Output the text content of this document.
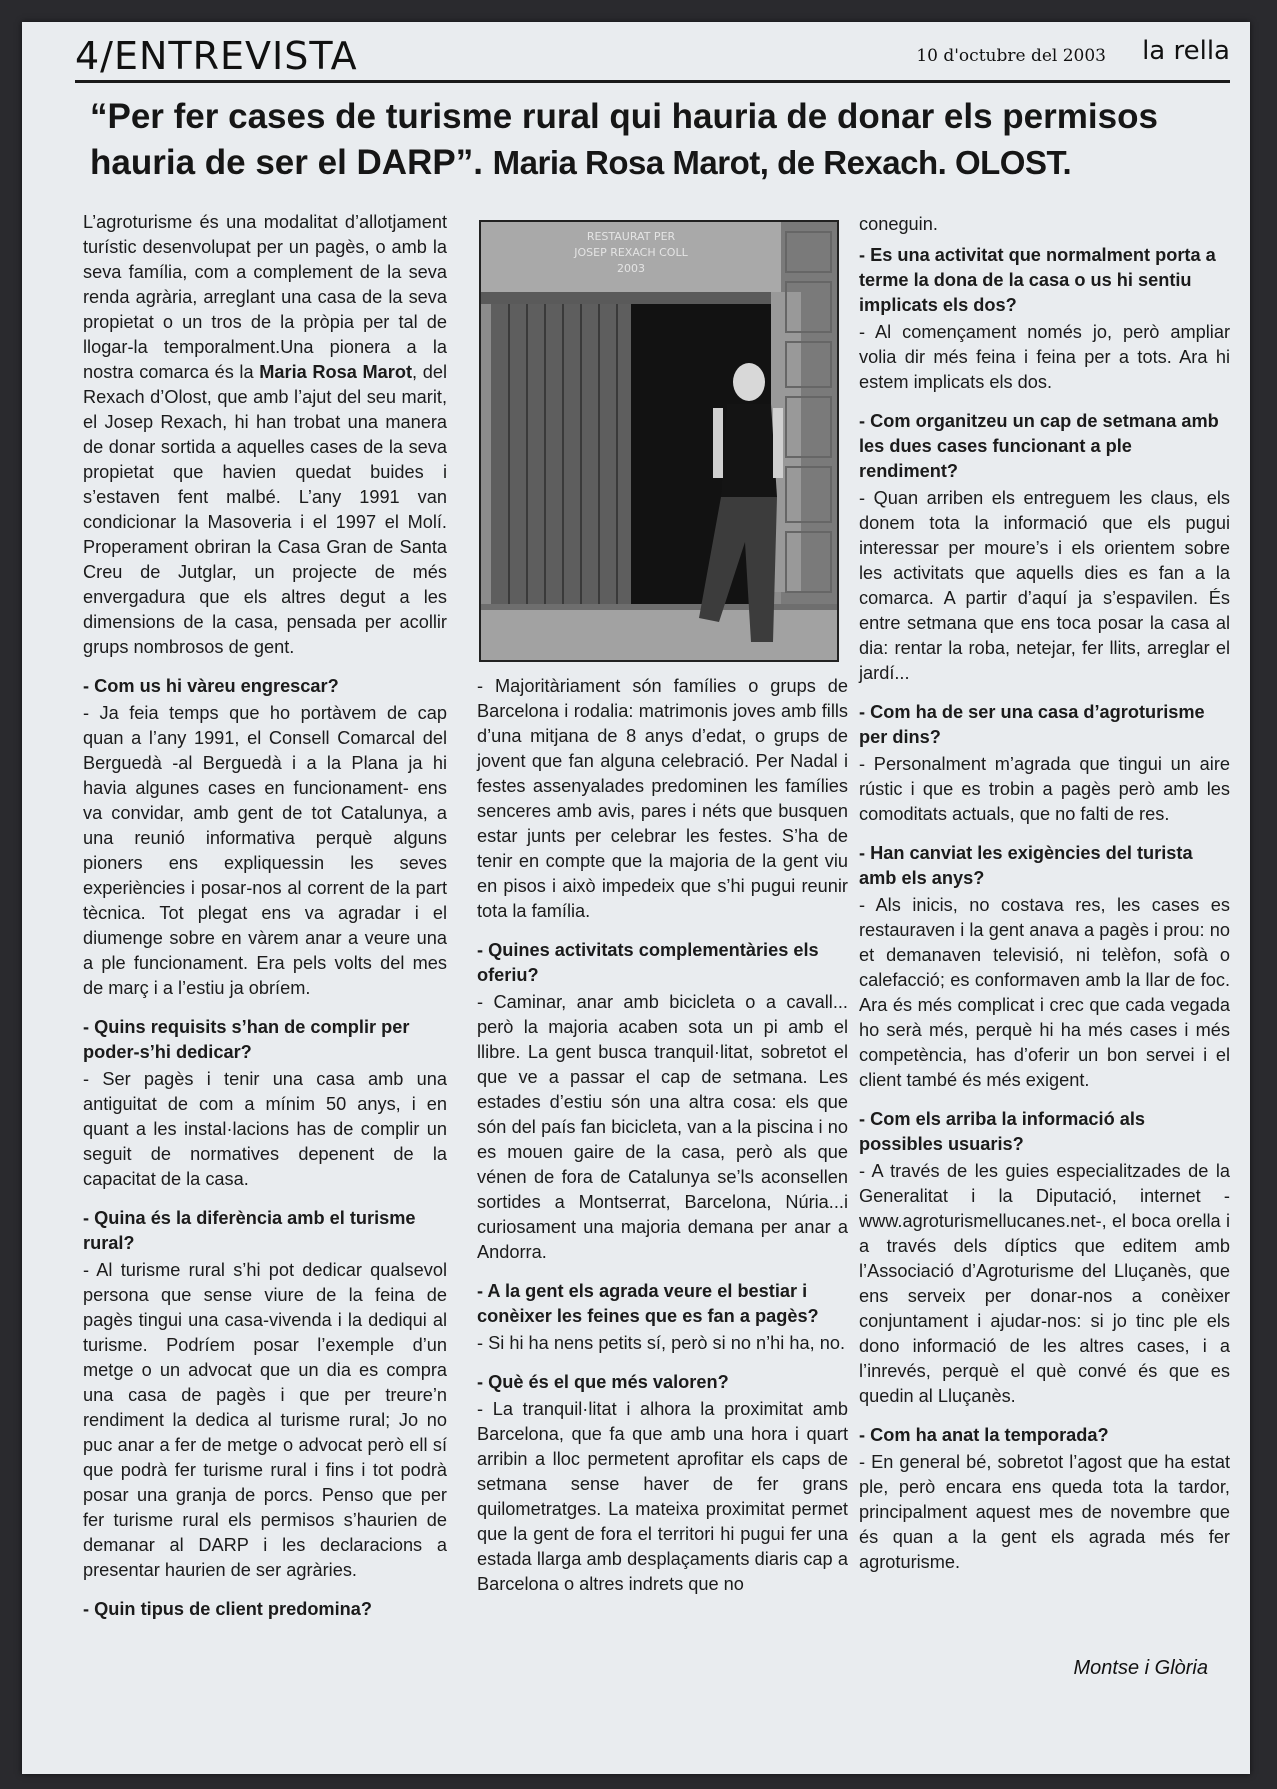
4/ENTREVISTA	10 d'octubre del 2003 la rella
“Per fer cases de turisme rural qui hauria de donar els permisos hauria de ser el DARP”. Maria Rosa Marot, de Rexach. OLOST.

L’agroturisme és una modalitat d’allotjament turístic desenvolupat per un pagès, o amb la seva família, com a complement de la seva renda agrària, arreglant una casa de la seva propietat o un tros de la pròpia per tal de llogar-la temporalment.Una pionera a la nostra comarca és la Maria Rosa Marot, del Rexach d’Olost, que amb l’ajut del seu marit, el Josep Rexach, hi han trobat una manera de donar sortida a aquelles cases de la seva propietat que havien quedat buides i s’estaven fent malbé. L’any 1991 van condicionar la Masoveria i el 1997 el Molí. Properament obriran la Casa Gran de Santa Creu de Jutglar, un projecte de més envergadura que els altres degut a les dimensions de la casa, pensada per acollir grups nombrosos de gent.

- Com us hi vàreu engrescar?

- Ja feia temps que ho portàvem de cap quan a l’any 1991, el Consell Comarcal del Berguedà -al Berguedà i a la Plana ja hi havia algunes cases en funcionament- ens va convidar, amb gent de tot Catalunya, a una reunió informativa perquè alguns pioners ens expliquessin les seves experiències i posar-nos al corrent de la part tècnica. Tot plegat ens va agradar i el diumenge sobre en vàrem anar a veure una a ple funcionament. Era pels volts del mes de març i a l’estiu ja obríem.

- Quins requisits s’han de complir per poder-s’hi dedicar?

- Ser pagès i tenir una casa amb una antiguitat de com a mínim 50 anys, i en quant a les instal·lacions has de complir un seguit de normatives depenent de la capacitat de la casa.

- Quina és la diferència amb el turisme rural?

- Al turisme rural s’hi pot dedicar qualsevol persona que sense viure de la feina de pagès tingui una casa-vivenda i la dediqui al turisme. Podríem posar l’exemple d’un metge o un advocat que un dia es compra una casa de pagès i que per treure’n rendiment la dedica al turisme rural; Jo no puc anar a fer de metge o advocat però ell sí que podrà fer turisme rural i fins i tot podrà posar una granja de porcs. Penso que per fer turisme rural els permisos s’haurien de demanar al DARP i les declaracions a presentar haurien de ser agràries.

- Quin tipus de client predomina?

RESTAURAT PER
JOSEP REXACH COLL
2003

- Majoritàriament són famílies o grups de Barcelona i rodalia: matrimonis joves amb fills d’una mitjana de 8 anys d’edat, o grups de jovent que fan alguna celebració. Per Nadal i festes assenyalades predominen les famílies senceres amb avis, pares i néts que busquen estar junts per celebrar les festes. S’ha de tenir en compte que la majoria de la gent viu en pisos i això impedeix que s’hi pugui reunir tota la família.

- Quines activitats complementàries els oferiu?

- Caminar, anar amb bicicleta o a cavall... però la majoria acaben sota un pi amb el llibre. La gent busca tranquil·litat, sobretot el que ve a passar el cap de setmana. Les estades d’estiu són una altra cosa: els que són del país fan bicicleta, van a la piscina i no es mouen gaire de la casa, però als que vénen de fora de Catalunya se’ls aconsellen sortides a Montserrat, Barcelona, Núria...i curiosament una majoria demana per anar a Andorra.

- A la gent els agrada veure el bestiar i conèixer les feines que es fan a pagès?

- Si hi ha nens petits sí, però si no n’hi ha, no.

- Què és el que més valoren?

- La tranquil·litat i alhora la proximitat amb Barcelona, que fa que amb una hora i quart arribin a lloc permetent aprofitar els caps de setmana sense haver de fer grans quilometratges. La mateixa proximitat permet que la gent de fora el territori hi pugui fer una estada llarga amb desplaçaments diaris cap a Barcelona o altres indrets que no

coneguin.

- Es una activitat que normalment porta a terme la dona de la casa o us hi sentiu implicats els dos?

- Al començament només jo, però ampliar volia dir més feina i feina per a tots. Ara hi estem implicats els dos.

- Com organitzeu un cap de setmana amb les dues cases funcionant a ple rendiment?

- Quan arriben els entreguem les claus, els donem tota la informació que els pugui interessar per moure’s i els orientem sobre les activitats que aquells dies es fan a la comarca. A partir d’aquí ja s’espavilen. És entre setmana que ens toca posar la casa al dia: rentar la roba, netejar, fer llits, arreglar el jardí...

- Com ha de ser una casa d’agroturisme per dins?

- Personalment m’agrada que tingui un aire rústic i que es trobin a pagès però amb les comoditats actuals, que no falti de res.

- Han canviat les exigències del turista amb els anys?

- Als inicis, no costava res, les cases es restauraven i la gent anava a pagès i prou: no et demanaven televisió, ni telèfon, sofà o calefacció; es conformaven amb la llar de foc. Ara és més complicat i crec que cada vegada ho serà més, perquè hi ha més cases i més competència, has d’oferir un bon servei i el client també és més exigent.

- Com els arriba la informació als possibles usuaris?

- A través de les guies especialitzades de la Generalitat i la Diputació, internet -www.agroturismellucanes.net-, el boca orella i a través dels díptics que editem amb l’Associació d’Agroturisme del Lluçanès, que ens serveix per donar-nos a conèixer conjuntament i ajudar-nos: si jo tinc ple els dono informació de les altres cases, i a l’inrevés, perquè el què convé és que es quedin al Lluçanès.

- Com ha anat la temporada?

- En general bé, sobretot l’agost que ha estat ple, però encara ens queda tota la tardor, principalment aquest mes de novembre que és quan a la gent els agrada més fer agroturisme.

Montse i Glòria
